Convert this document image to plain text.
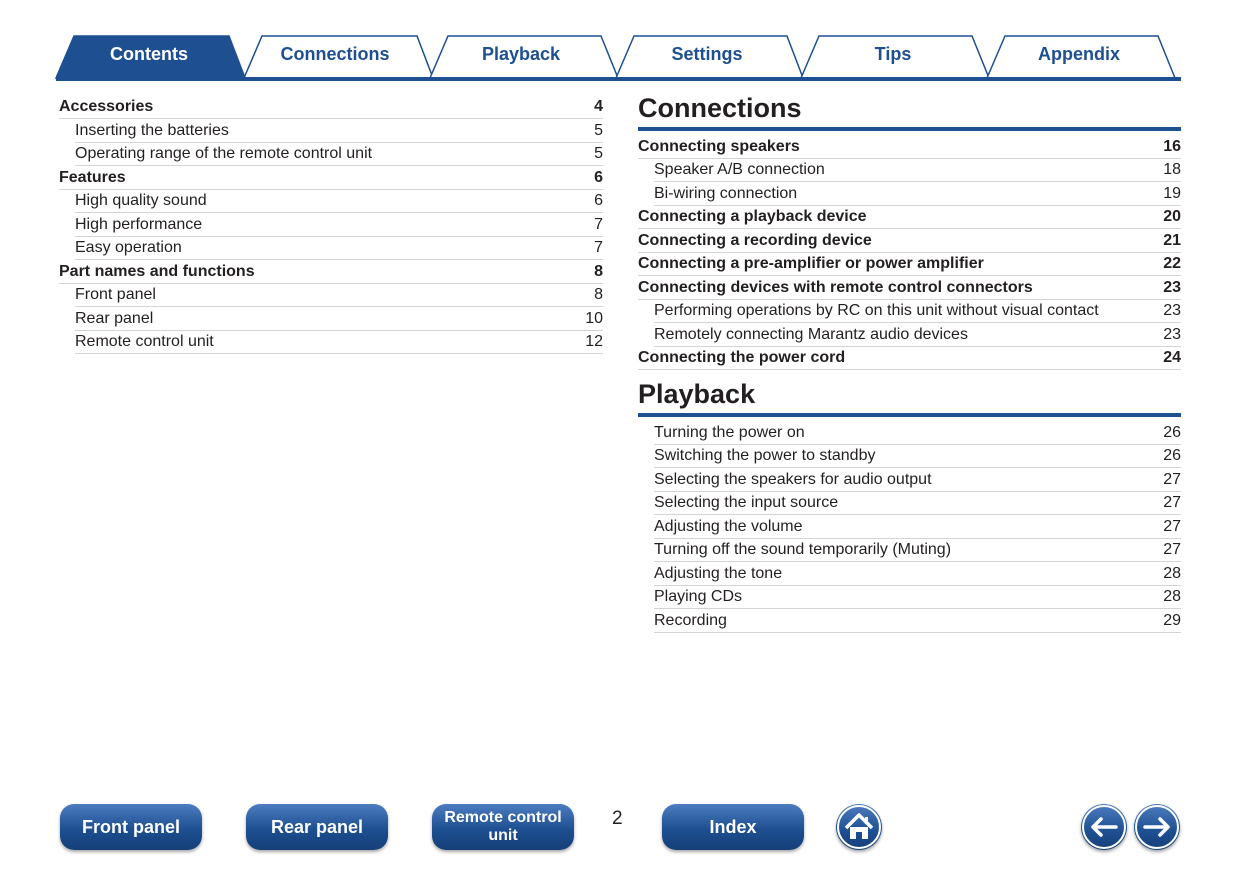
Contents	Connections	Playback	Settings	Tips	Appendix
Accessories	4
Inserting the batteries	5
Operating range of the remote control unit	5
Features	6
High quality sound	6
High performance	7
Easy operation	7
Part names and functions	8
Front panel	8
Rear panel	10
Remote control unit	12
Connections
Connecting speakers	16
Speaker A/B connection	18
Bi-wiring connection	19
Connecting a playback device	20
Connecting a recording device	21
Connecting a pre-amplifier or power amplifier	22
Connecting devices with remote control connectors	23
Performing operations by RC on this unit without visual contact	23
Remotely connecting Marantz audio devices	23
Connecting the power cord	24
Playback
Turning the power on	26
Switching the power to standby	26
Selecting the speakers for audio output	27
Selecting the input source	27
Adjusting the volume	27
Turning off the sound temporarily (Muting)	27
Adjusting the tone	28
Playing CDs	28
Recording	29
Front panel	Rear panel	Remote control
unit
2	Index
